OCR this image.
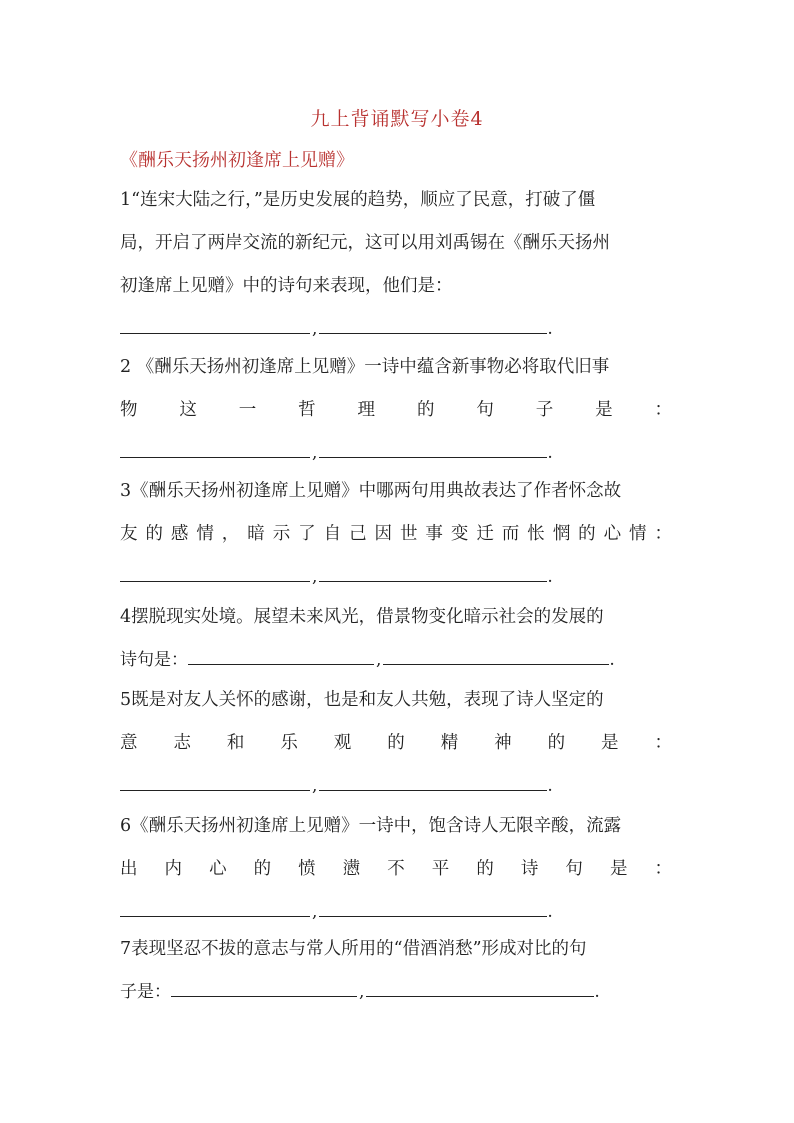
九上背诵默写小卷4
《酬乐天扬州初逢席上见赠》
1“连宋大陆之行，”是历史发展的趋势，顺应了民意，打破了僵
局，开启了两岸交流的新纪元，这可以用刘禹锡在《酬乐天扬州
初逢席上见赠》中的诗句来表现，他们是：
,	.
2 《酬乐天扬州初逢席上见赠》一诗中蕴含新事物必将取代旧事
物这一哲理的句子是：
,	.
3《酬乐天扬州初逢席上见赠》中哪两句用典故表达了作者怀念故
友的感情，暗示了自己因世事变迁而怅惘的心情：
,	.
4摆脱现实处境。展望未来风光，借景物变化暗示社会的发展的
诗句是：	,	.
5既是对友人关怀的感谢，也是和友人共勉，表现了诗人坚定的
意志和乐观的精神的是：
,	.
6《酬乐天扬州初逢席上见赠》一诗中，饱含诗人无限辛酸，流露
出内心的愤懑不平的诗句是：
,	.
7表现坚忍不拔的意志与常人所用的“借酒消愁”形成对比的句
子是：	,	.
